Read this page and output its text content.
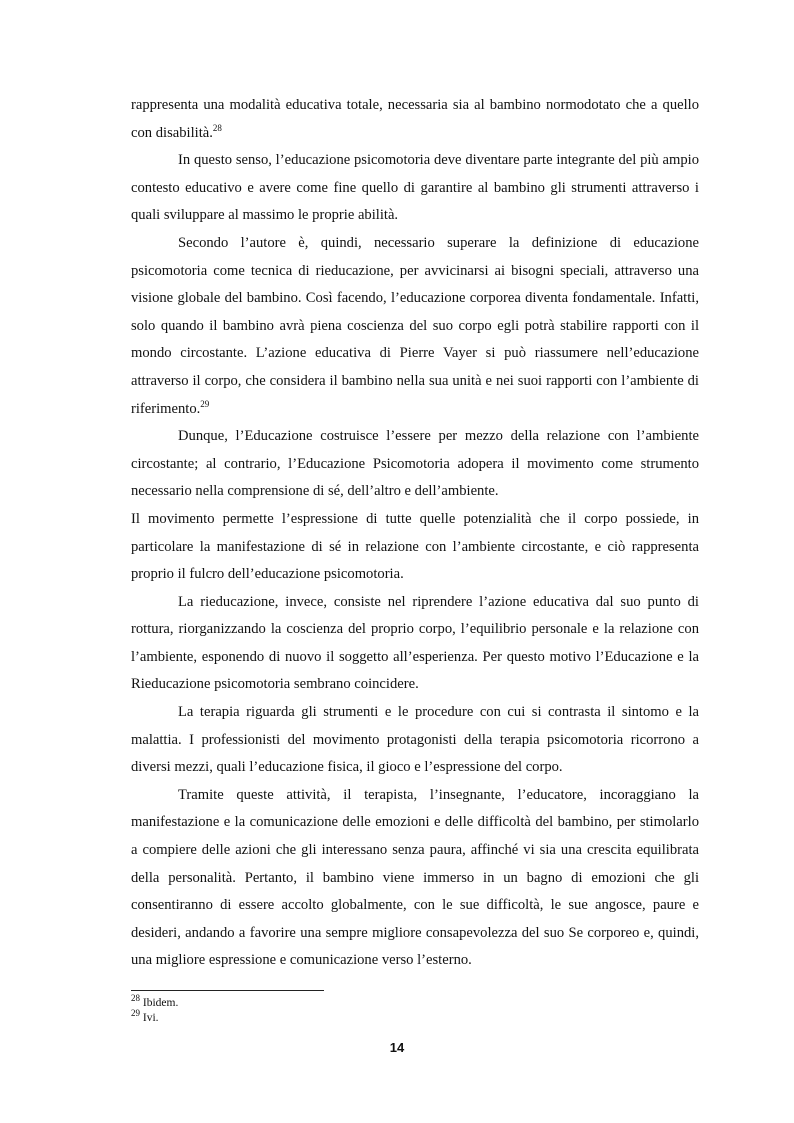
rappresenta una modalità educativa totale, necessaria sia al bambino normodotato che a quello con disabilità.$^{28}$

In questo senso, l’educazione psicomotoria deve diventare parte integrante del più ampio contesto educativo e avere come fine quello di garantire al bambino gli strumenti attraverso i quali sviluppare al massimo le proprie abilità.

Secondo l’autore è, quindi, necessario superare la definizione di educazione psicomotoria come tecnica di rieducazione, per avvicinarsi ai bisogni speciali, attraverso una visione globale del bambino. Così facendo, l’educazione corporea diventa fondamentale. Infatti, solo quando il bambino avrà piena coscienza del suo corpo egli potrà stabilire rapporti con il mondo circostante. L’azione educativa di Pierre Vayer si può riassumere nell’educazione attraverso il corpo, che considera il bambino nella sua unità e nei suoi rapporti con l’ambiente di riferimento.$^{29}$

Dunque, l’Educazione costruisce l’essere per mezzo della relazione con l’ambiente circostante; al contrario, l’Educazione Psicomotoria adopera il movimento come strumento necessario nella comprensione di sé, dell’altro e dell’ambiente.

Il movimento permette l’espressione di tutte quelle potenzialità che il corpo possiede, in particolare la manifestazione di sé in relazione con l’ambiente circostante, e ciò rappresenta proprio il fulcro dell’educazione psicomotoria.

La rieducazione, invece, consiste nel riprendere l’azione educativa dal suo punto di rottura, riorganizzando la coscienza del proprio corpo, l’equilibrio personale e la relazione con l’ambiente, esponendo di nuovo il soggetto all’esperienza. Per questo motivo l’Educazione e la Rieducazione psicomotoria sembrano coincidere.

La terapia riguarda gli strumenti e le procedure con cui si contrasta il sintomo e la malattia. I professionisti del movimento protagonisti della terapia psicomotoria ricorrono a diversi mezzi, quali l’educazione fisica, il gioco e l’espressione del corpo.

Tramite queste attività, il terapista, l’insegnante, l’educatore, incoraggiano la manifestazione e la comunicazione delle emozioni e delle difficoltà del bambino, per stimolarlo a compiere delle azioni che gli interessano senza paura, affinché vi sia una crescita equilibrata della personalità. Pertanto, il bambino viene immerso in un bagno di emozioni che gli consentiranno di essere accolto globalmente, con le sue difficoltà, le sue angosce, paure e desideri, andando a favorire una sempre migliore consapevolezza del suo Se corporeo e, quindi, una migliore espressione e comunicazione verso l’esterno.

$^{28}$ Ibidem.

$^{29}$ Ivi.

14
